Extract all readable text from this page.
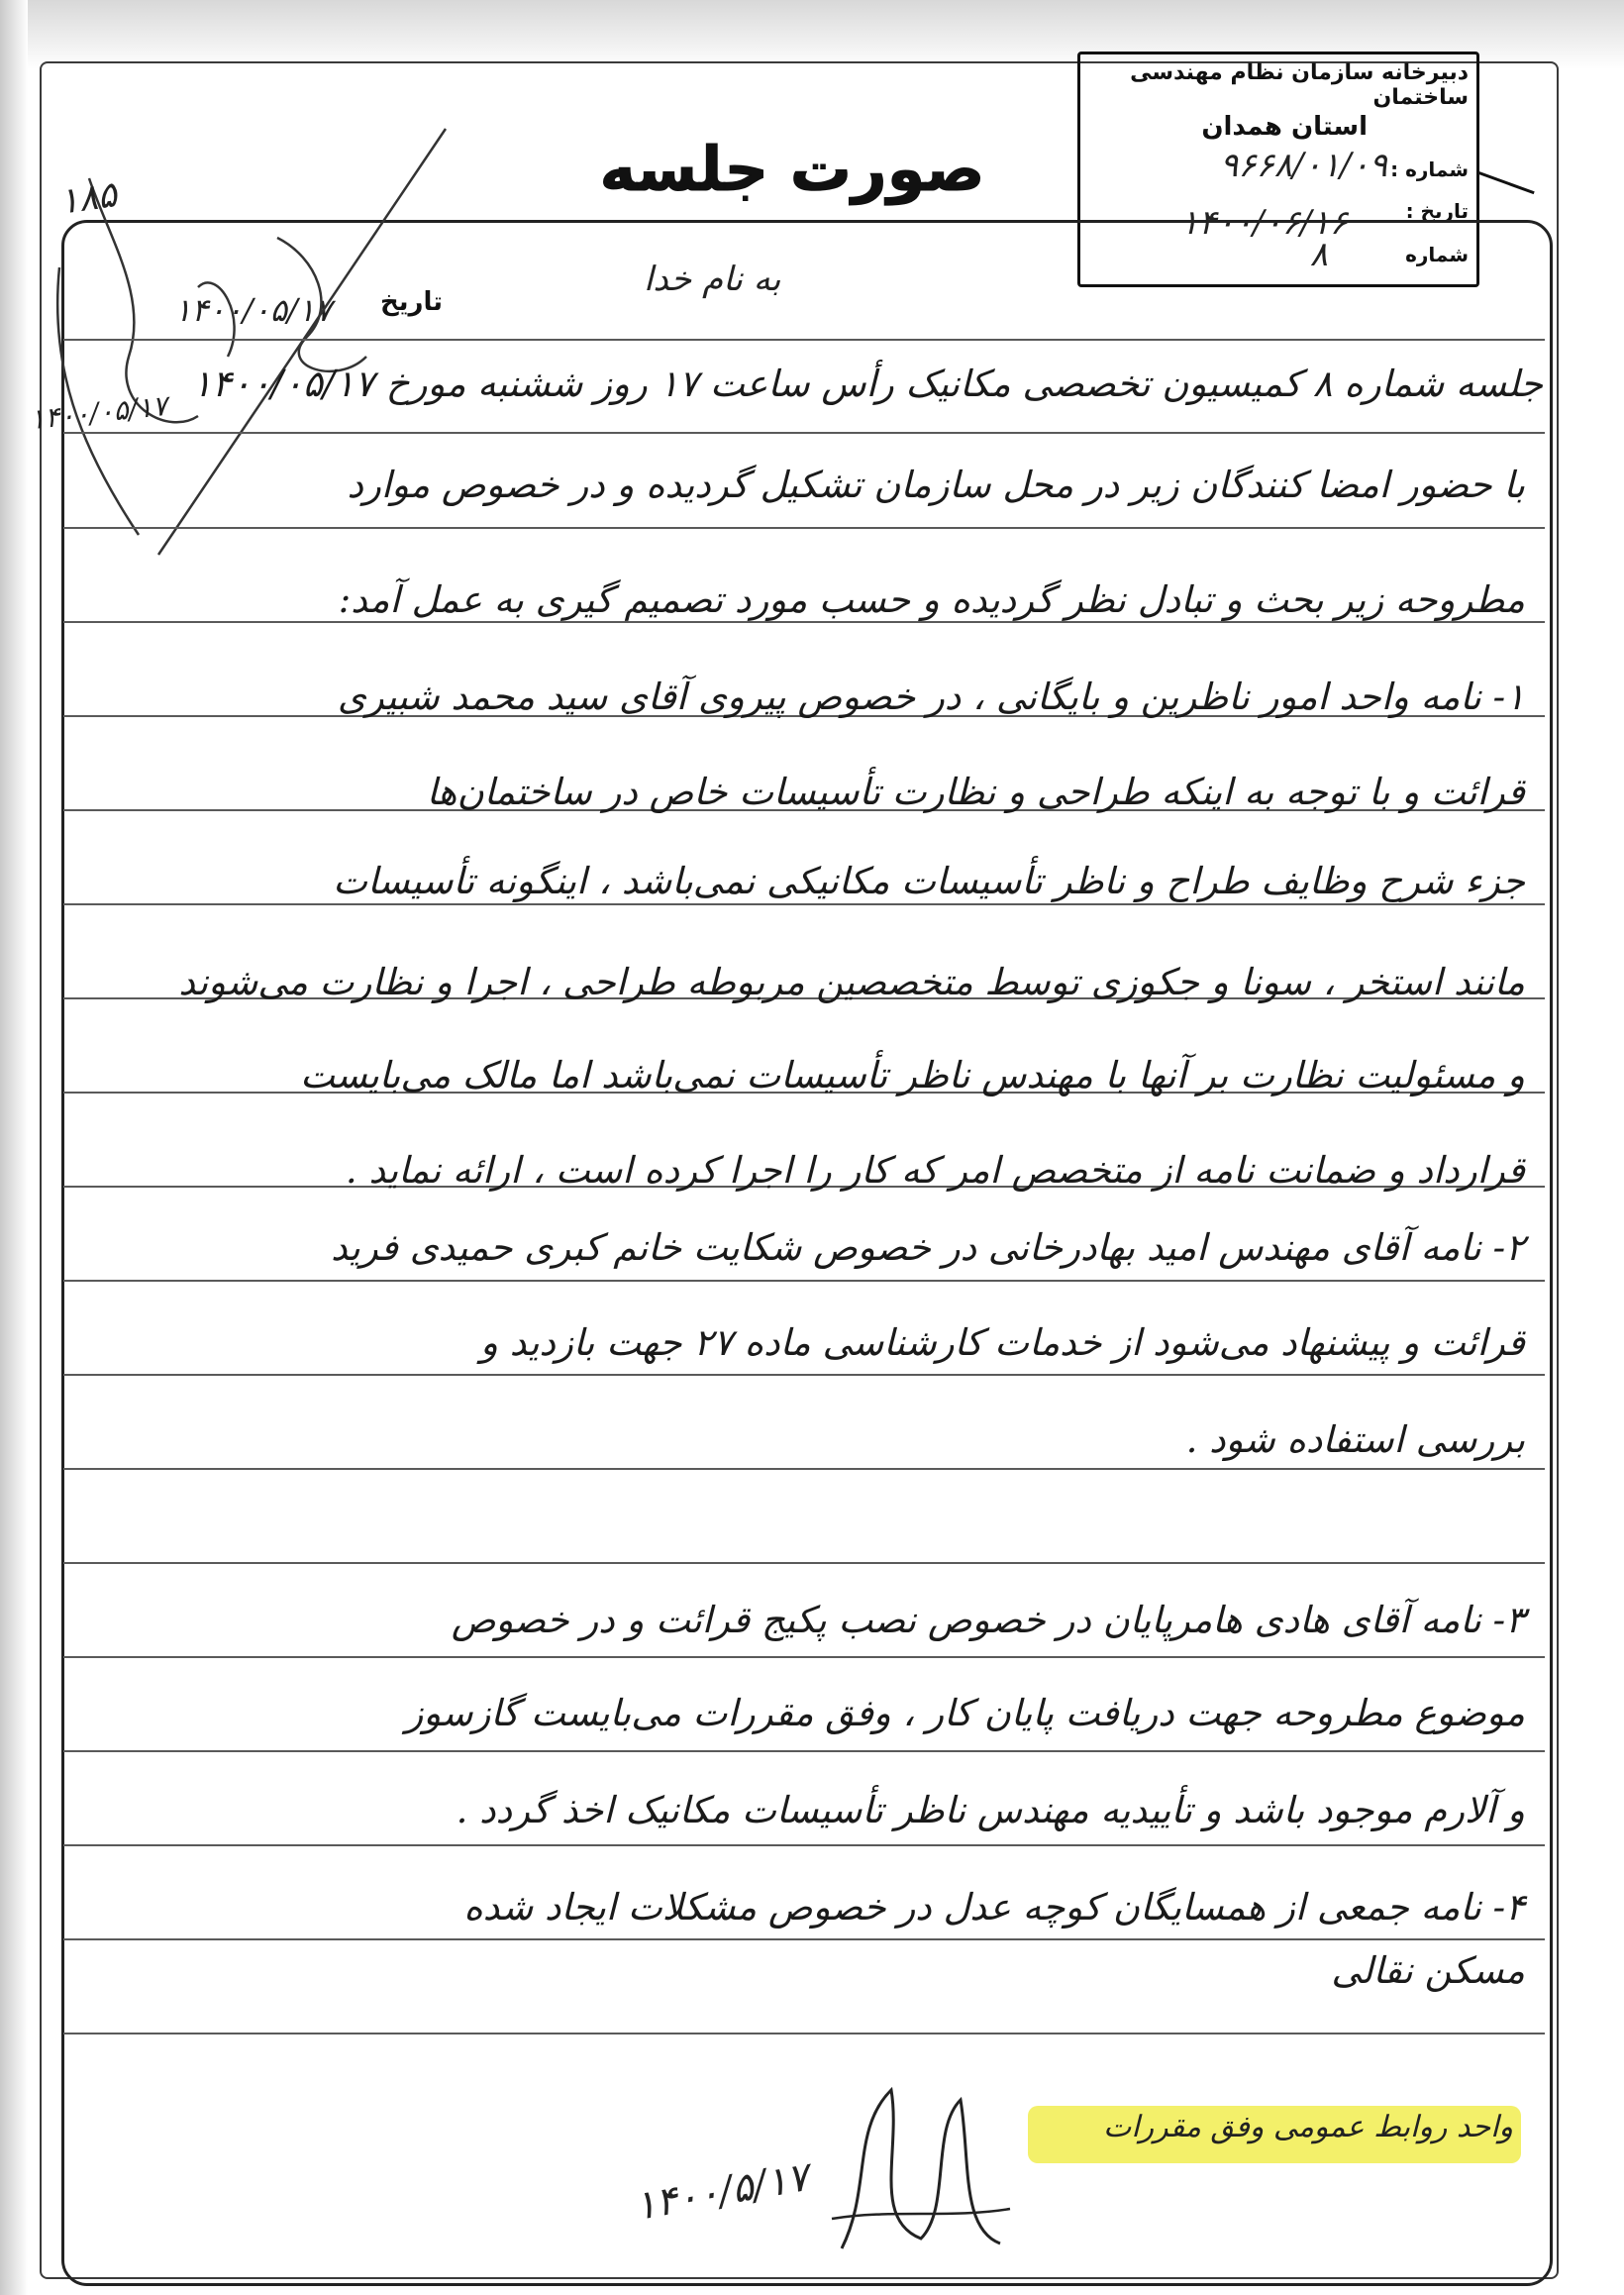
دبیرخانه سازمان نظام مهندسی ساختمان
استان همدان
شماره :
۹۶۶۸/۰۱/۰۹
تاریخ :
۱۴۰۰/۰۶/۱۶
شماره
۸
صورت جلسه
به نام خدا
تاریخ
۱۴۰۰/۰۵/۱۷
۱۸۵
۱۴۰۰/۰۵/۱۷
جلسه شماره ۸ کمیسیون تخصصی مکانیک رأس ساعت ۱۷ روز ششنبه مورخ ۱۴۰۰/۰۵/۱۷
با حضور امضا کنندگان زیر در محل سازمان تشکیل گردیده و در خصوص موارد
مطروحه زیر بحث و تبادل نظر گردیده و حسب مورد تصمیم گیری به عمل آمد:
۱- نامه واحد امور ناظرین و بایگانی ، در خصوص پیروی آقای سید محمد شبیری
قرائت و با توجه به اینکه طراحی و نظارت تأسیسات خاص در ساختمان‌ها
جزء شرح وظایف طراح و ناظر تأسیسات مکانیکی نمی‌باشد ، اینگونه تأسیسات
مانند استخر ، سونا و جکوزی توسط متخصصین مربوطه طراحی ، اجرا و نظارت می‌شوند
و مسئولیت نظارت بر آنها با مهندس ناظر تأسیسات نمی‌باشد اما مالک می‌بایست
قرارداد و ضمانت نامه از متخصص امر که کار را اجرا کرده است ، ارائه نماید .
۲- نامه آقای مهندس امید بهادرخانی در خصوص شکایت خانم کبری حمیدی فرید
قرائت و پیشنهاد می‌شود از خدمات کارشناسی ماده ۲۷ جهت بازدید و
بررسی استفاده شود .
۳- نامه آقای هادی هامرپایان در خصوص نصب پکیج قرائت و در خصوص
موضوع مطروحه جهت دریافت پایان کار ، وفق مقررات می‌بایست گازسوز
و آلارم موجود باشد و تأییدیه مهندس ناظر تأسیسات مکانیک اخذ گردد .
۴- نامه جمعی از همسایگان کوچه عدل در خصوص مشکلات ایجاد شده
مسکن نقالی
۱۴۰۰/۵/۱۷
واحد روابط عمومی وفق مقررات
